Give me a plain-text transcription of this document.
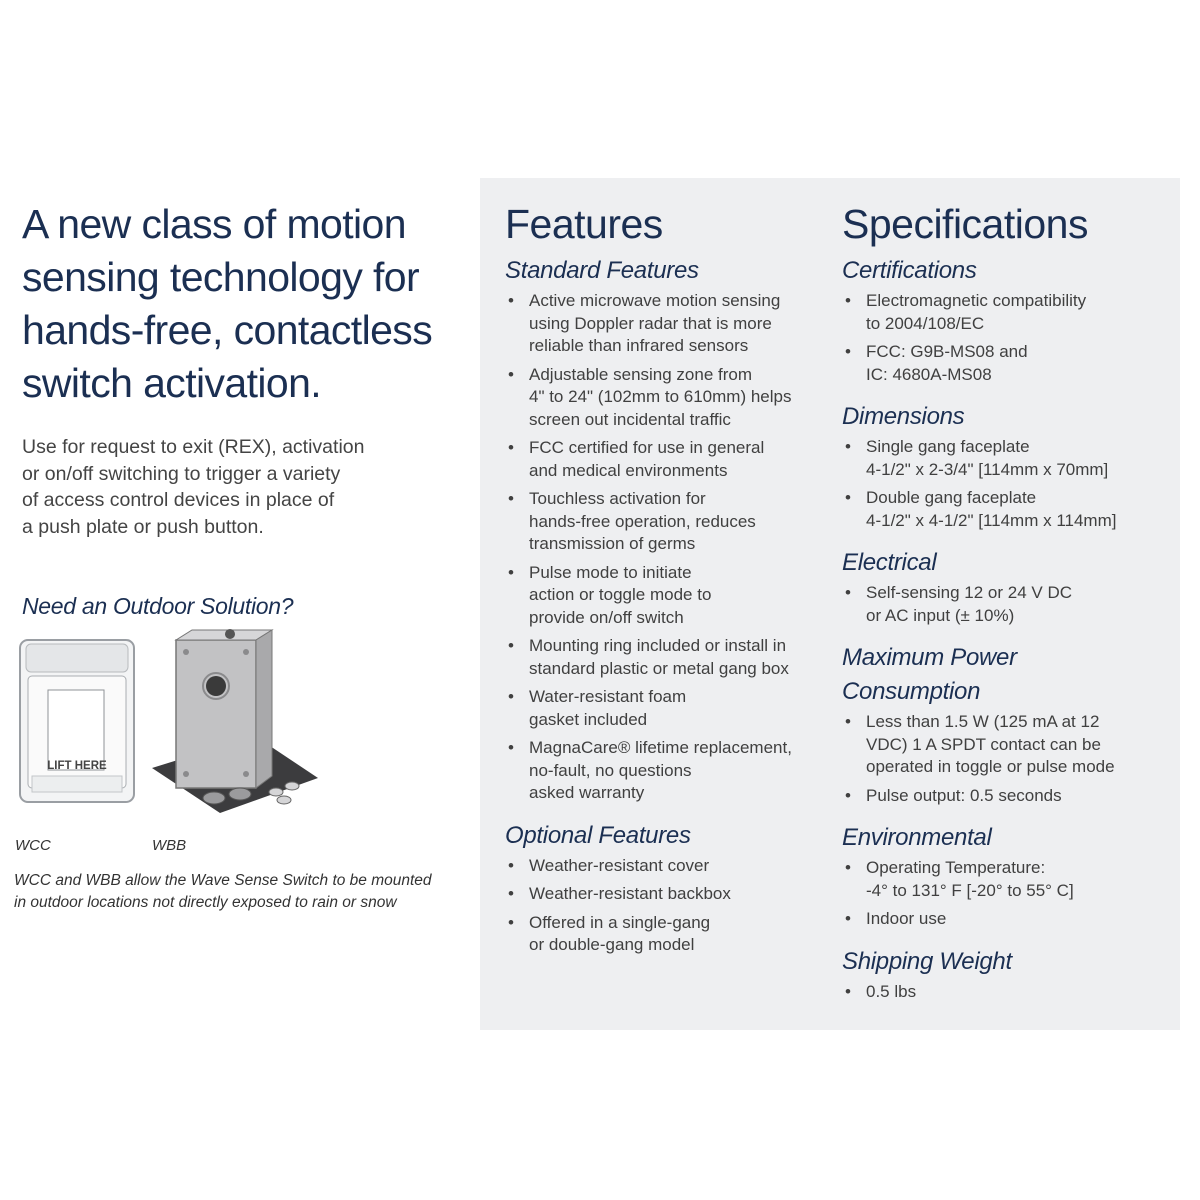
A new class of motion
sensing technology for
hands-free, contactless
switch activation.
Use for request to exit (REX), activation
or on/off switching to trigger a variety
of access control devices in place of
a push plate or push button.
Need an Outdoor Solution?
LIFT HERE
WCC	WBB
WCC and WBB allow the Wave Sense Switch to be mounted
in outdoor locations not directly exposed to rain or snow
Features
Standard Features
• Active microwave motion sensing
using Doppler radar that is more
reliable than infrared sensors
• Adjustable sensing zone from
4" to 24" (102mm to 610mm) helps
screen out incidental traffic
• FCC certified for use in general
and medical environments
• Touchless activation for
hands-free operation, reduces
transmission of germs
• Pulse mode to initiate
action or toggle mode to
provide on/off switch
• Mounting ring included or install in
standard plastic or metal gang box
• Water-resistant foam
gasket included
• MagnaCare® lifetime replacement,
no-fault, no questions
asked warranty
Optional Features
• Weather-resistant cover
• Weather-resistant backbox
• Offered in a single-gang
or double-gang model
Specifications
Certifications
• Electromagnetic compatibility
to 2004/108/EC
• FCC: G9B-MS08 and
IC: 4680A-MS08
Dimensions
• Single gang faceplate
4-1/2" x 2-3/4" [114mm x 70mm]
• Double gang faceplate
4-1/2" x 4-1/2" [114mm x 114mm]
Electrical
• Self-sensing 12 or 24 V DC
or AC input (± 10%)
Maximum Power
Consumption
• Less than 1.5 W (125 mA at 12
VDC) 1 A SPDT contact can be
operated in toggle or pulse mode
• Pulse output: 0.5 seconds
Environmental
• Operating Temperature:
-4° to 131° F [-20° to 55° C]
• Indoor use
Shipping Weight
• 0.5 lbs
